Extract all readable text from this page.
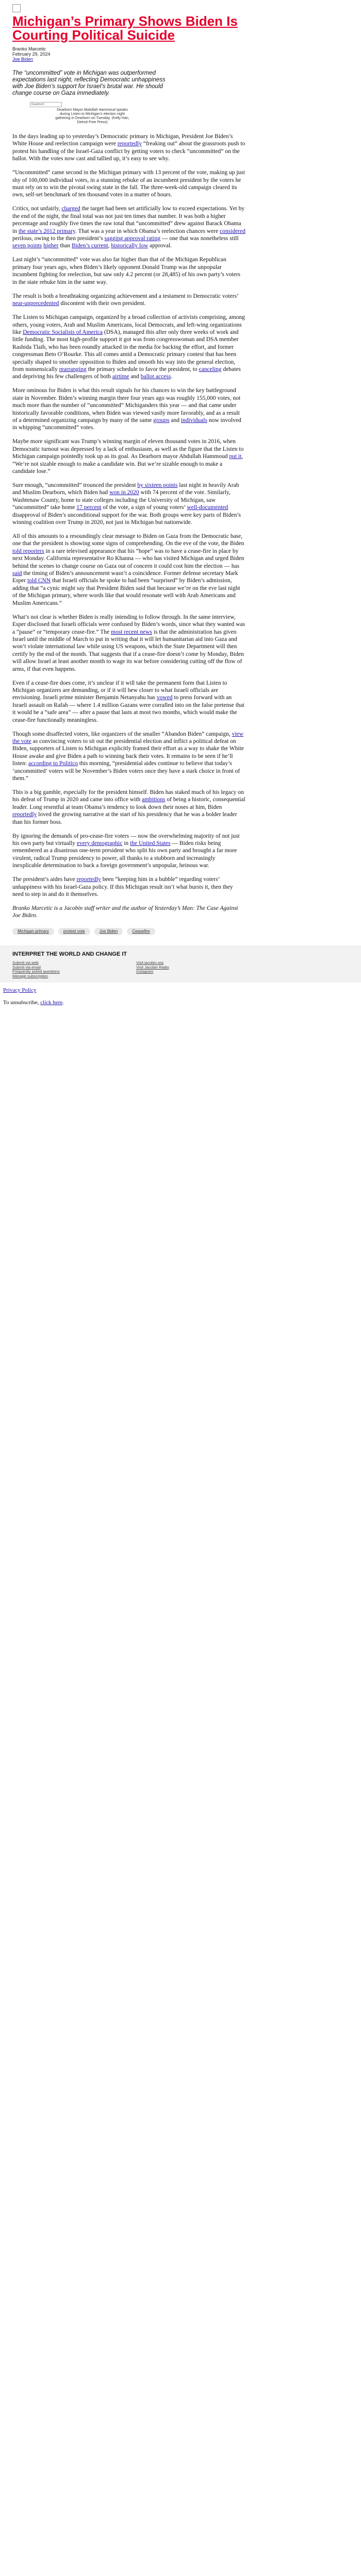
Michigan’s Primary Shows Biden Is Courting Political Suicide
Branko Marcetic
February 29, 2024
Joe Biden
The “uncommitted” vote in Michigan was outperformed expectations last night, reflecting Democratic unhappiness with Joe Biden’s support for Israel’s brutal war. He should change course on Gaza immediately.
Dearborn
Dearborn Mayor Abdullah Hammoud speaks during Listen to Michigan’s election night gathering in Dearborn on Tuesday. (Kelly Han, Detroit Free Press)

In the days leading up to yesterday’s Democratic primary in Michigan, President Joe Biden’s White House and reelection campaign were reportedly “freaking out” about the grassroots push to protest his handling of the Israel-Gaza conflict by getting voters to check “uncommitted” on the ballot. With the votes now cast and tallied up, it’s easy to see why.

“Uncommitted” came second in the Michigan primary with 13 percent of the vote, making up just shy of 100,000 individual votes, in a stunning rebuke of an incumbent president by the voters he must rely on to win the pivotal swing state in the fall. The three-week-old campaign cleared its own, self-set benchmark of ten thousand votes in a matter of hours.

Critics, not unfairly, charged the target had been set artificially low to exceed expectations. Yet by the end of the night, the final total was not just ten times that number. It was both a higher percentage and roughly five times the raw total that “uncommitted” drew against Barack Obama in the state’s 2012 primary. That was a year in which Obama’s reelection chances were considered perilous, owing to the then president’s sagging approval rating — one that was nonetheless still seven points higher than Biden’s current, historically low approval.

Last night’s “uncommitted” vote was also far higher than that of the Michigan Republican primary four years ago, when Biden’s likely opponent Donald Trump was the unpopular incumbent fighting for reelection, but saw only 4.2 percent (or 28,485) of his own party’s voters in the state rebuke him in the same way.

The result is both a breathtaking organizing achievement and a testament to Democratic voters’ near-unprecedented discontent with their own president.

The Listen to Michigan campaign, organized by a broad collection of activists comprising, among others, young voters, Arab and Muslim Americans, local Democrats, and left-wing organizations like Democratic Socialists of America (DSA), managed this after only three weeks of work and little funding. The most high-profile support it got was from congresswoman and DSA member Rashida Tlaib, who has been roundly attacked in the media for backing the effort, and former congressman Beto O’Rourke. This all comes amid a Democratic primary contest that has been specially shaped to smother opposition to Biden and smooth his way into the general election, from nonsensically rearranging the primary schedule to favor the president, to canceling debates and depriving his few challengers of both airtime and ballot access.

More ominous for Biden is what this result signals for his chances to win the key battleground state in November. Biden’s winning margin there four years ago was roughly 155,000 votes, not much more than the number of “uncommitted” Michiganders this year — and that came under historically favorable conditions, when Biden was viewed vastly more favorably, and as a result of a determined organizing campaign by many of the same groups and individuals now involved in whipping “uncommitted” votes.

Maybe more significant was Trump’s winning margin of eleven thousand votes in 2016, when Democratic turnout was depressed by a lack of enthusiasm, as well as the figure that the Listen to Michigan campaign pointedly took up as its goal. As Dearborn mayor Abdullah Hammoud put it, “We’re not sizable enough to make a candidate win. But we’re sizable enough to make a candidate lose.”

Sure enough, “uncommitted” trounced the president by sixteen points last night in heavily Arab and Muslim Dearborn, which Biden had won in 2020 with 74 percent of the vote. Similarly, Washtenaw County, home to state colleges including the University of Michigan, saw “uncommitted” take home 17 percent of the vote, a sign of young voters’ well-documented disapproval of Biden’s unconditional support for the war. Both groups were key parts of Biden’s winning coalition over Trump in 2020, not just in Michigan but nationwide.

All of this amounts to a resoundingly clear message to Biden on Gaza from the Democratic base, one that the president is showing some signs of comprehending. On the eve of the vote, the Biden told reporters in a rare televised appearance that his “hope” was to have a cease-fire in place by next Monday. California representative Ro Khanna — who has visited Michigan and urged Biden behind the scenes to change course on Gaza out of concern it could cost him the election — has said the timing of Biden’s announcement wasn’t a coincidence. Former defense secretary Mark Esper told CNN that Israeli officials he spoke to had been “surprised” by Biden’s admission, adding that “a cynic might say that President Biden said that because we’re on the eve last night of the Michigan primary, where words like that would resonate well with Arab Americans and Muslim Americans.”

What’s not clear is whether Biden is really intending to follow through. In the same interview, Esper disclosed that Israeli officials were confused by Biden’s words, since what they wanted was a “pause” or “temporary cease-fire.” The most recent news is that the administration has given Israel until the middle of March to put in writing that it will let humanitarian aid into Gaza and won’t violate international law while using US weapons, which the State Department will then certify by the end of the month. That suggests that if a cease-fire doesn’t come by Monday, Biden will allow Israel at least another month to wage its war before considering cutting off the flow of arms, if that even happens.

Even if a cease-fire does come, it’s unclear if it will take the permanent form that Listen to Michigan organizers are demanding, or if it will hew closer to what Israeli officials are envisioning. Israeli prime minister Benjamin Netanyahu has vowed to press forward with an Israeli assault on Rafah — where 1.4 million Gazans were corralled into on the false pretense that it would be a “safe area” — after a pause that lasts at most two months, which would make the cease-fire functionally meaningless.

Though some disaffected voters, like organizers of the smaller “Abandon Biden” campaign, view the vote as convincing voters to sit out the presidential election and inflict a political defeat on Biden, supporters of Listen to Michigan explicitly framed their effort as a way to shake the White House awake and give Biden a path to winning back their votes. It remains to be seen if he’ll listen: according to Politico this morning, “presidential aides continue to believe that today’s ‘uncommitted’ voters will be November’s Biden voters once they have a stark choice in front of them.”

This is a big gamble, especially for the president himself. Biden has staked much of his legacy on his defeat of Trump in 2020 and came into office with ambitions of being a historic, consequential leader. Long resentful at team Obama’s tendency to look down their noses at him, Biden reportedly loved the growing narrative at the start of his presidency that he was a bolder leader than his former boss.

By ignoring the demands of pro-cease-fire voters — now the overwhelming majority of not just his own party but virtually every demographic in the United States — Biden risks being remembered as a disastrous one-term president who split his own party and brought a far more virulent, radical Trump presidency to power, all thanks to a stubborn and increasingly inexplicable determination to back a foreign government’s unpopular, heinous war.

The president’s aides have reportedly been “keeping him in a bubble” regarding voters’ unhappiness with his Israel-Gaza policy. If this Michigan result isn’t what bursts it, then they need to step in and do it themselves.

Branko Marcetic is a Jacobin staff writer and the author of Yesterday’s Man: The Case Against Joe Biden.

Michigan primary	protest vote	Joe Biden	Ceasefire
INTERPRET THE WORLD AND CHANGE IT
Submit via web
Submit via email
Frequently asked questions
Manage subscription
Visit jacobin.org
Visit Jacobin Radio
Instagram

Privacy Policy

To unsubscribe, click here.
